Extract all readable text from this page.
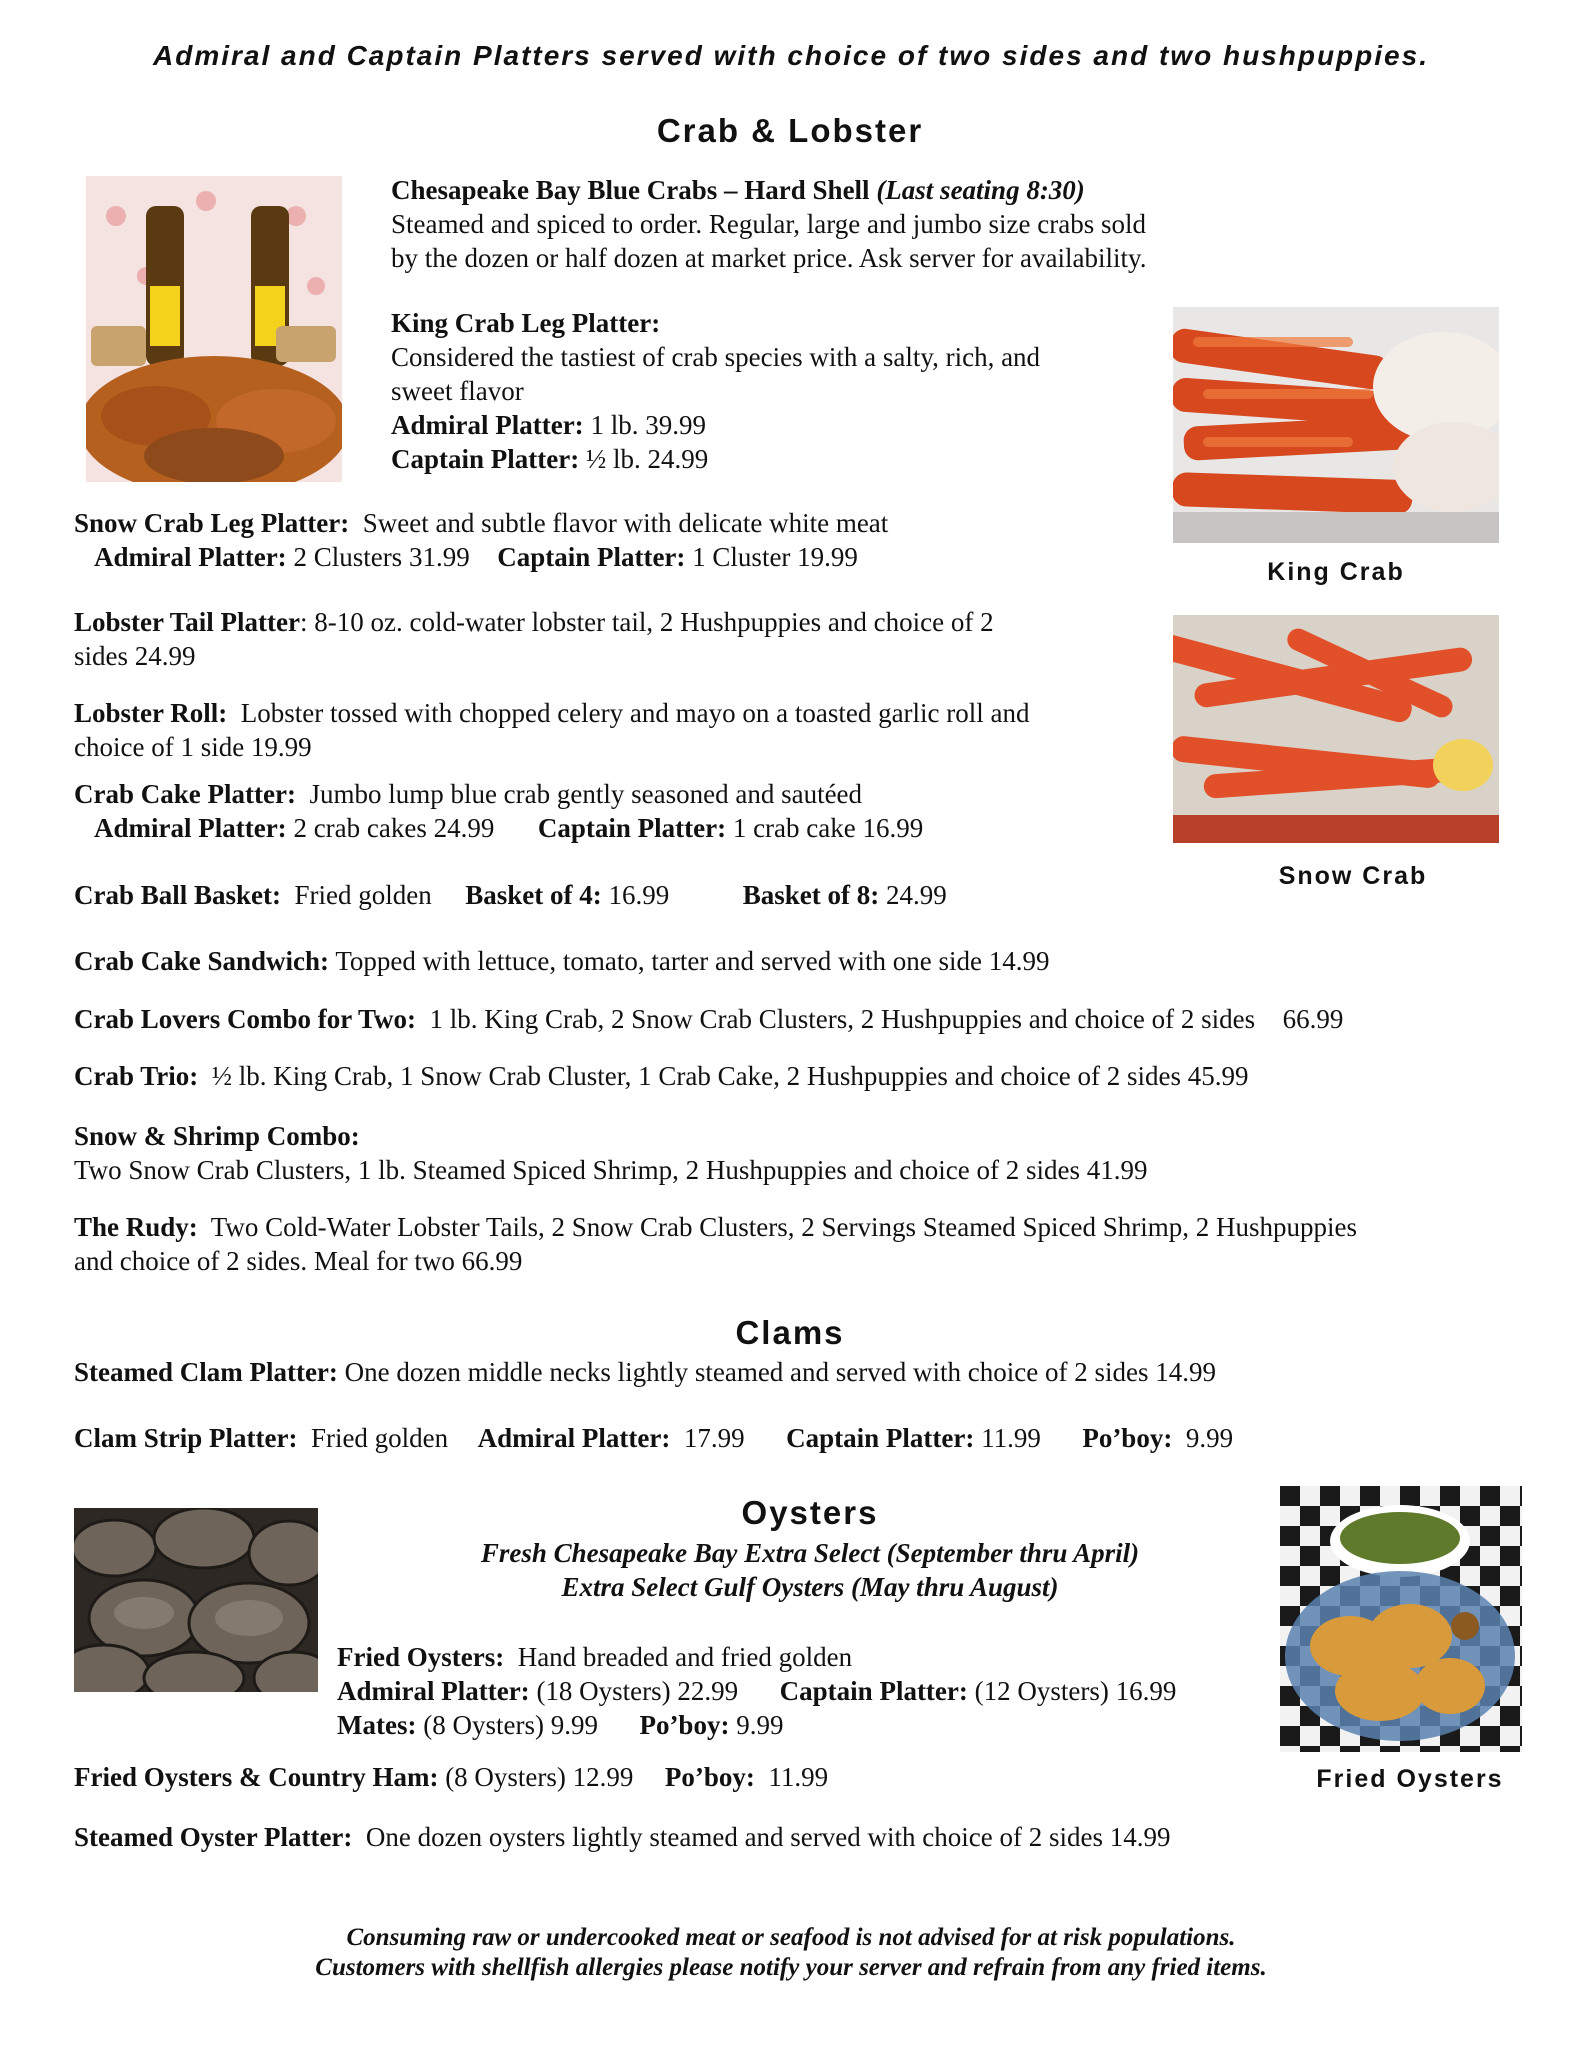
Admiral and Captain Platters served with choice of two sides and two hushpuppies.
Crab & Lobster
Chesapeake Bay Blue Crabs – Hard Shell (Last seating 8:30)
Steamed and spiced to order. Regular, large and jumbo size crabs sold
by the dozen or half dozen at market price. Ask server for availability.
King Crab Leg Platter:
Considered the tastiest of crab species with a salty, rich, and
sweet flavor
Admiral Platter: 1 lb. 39.99
Captain Platter: ½ lb. 24.99
King Crab
Snow Crab Leg Platter: Sweet and subtle flavor with delicate white meat
Admiral Platter: 2 Clusters 31.99 Captain Platter: 1 Cluster 19.99
Lobster Tail Platter: 8-10 oz. cold-water lobster tail, 2 Hushpuppies and choice of 2
sides 24.99
Snow Crab
Lobster Roll: Lobster tossed with chopped celery and mayo on a toasted garlic roll and
choice of 1 side 19.99
Crab Cake Platter: Jumbo lump blue crab gently seasoned and sautéed
Admiral Platter: 2 crab cakes 24.99 Captain Platter: 1 crab cake 16.99
Crab Ball Basket: Fried golden Basket of 4: 16.99	Basket of 8: 24.99
Crab Cake Sandwich: Topped with lettuce, tomato, tarter and served with one side 14.99
Crab Lovers Combo for Two: 1 lb. King Crab, 2 Snow Crab Clusters, 2 Hushpuppies and choice of 2 sides 66.99
Crab Trio: ½ lb. King Crab, 1 Snow Crab Cluster, 1 Crab Cake, 2 Hushpuppies and choice of 2 sides 45.99
Snow & Shrimp Combo:
Two Snow Crab Clusters, 1 lb. Steamed Spiced Shrimp, 2 Hushpuppies and choice of 2 sides 41.99
The Rudy: Two Cold-Water Lobster Tails, 2 Snow Crab Clusters, 2 Servings Steamed Spiced Shrimp, 2 Hushpuppies
and choice of 2 sides. Meal for two 66.99
Clams
Steamed Clam Platter: One dozen middle necks lightly steamed and served with choice of 2 sides 14.99
Clam Strip Platter: Fried golden Admiral Platter: 17.99 Captain Platter: 11.99 Po’boy: 9.99
Oysters
Fresh Chesapeake Bay Extra Select (September thru April)
Extra Select Gulf Oysters (May thru August)
Fried Oysters: Hand breaded and fried golden
Admiral Platter: (18 Oysters) 22.99 Captain Platter: (12 Oysters) 16.99
Mates: (8 Oysters) 9.99 Po’boy: 9.99
Fried Oysters
Fried Oysters & Country Ham: (8 Oysters) 12.99 Po’boy: 11.99
Steamed Oyster Platter: One dozen oysters lightly steamed and served with choice of 2 sides 14.99
Consuming raw or undercooked meat or seafood is not advised for at risk populations.
Customers with shellfish allergies please notify your server and refrain from any fried items.
